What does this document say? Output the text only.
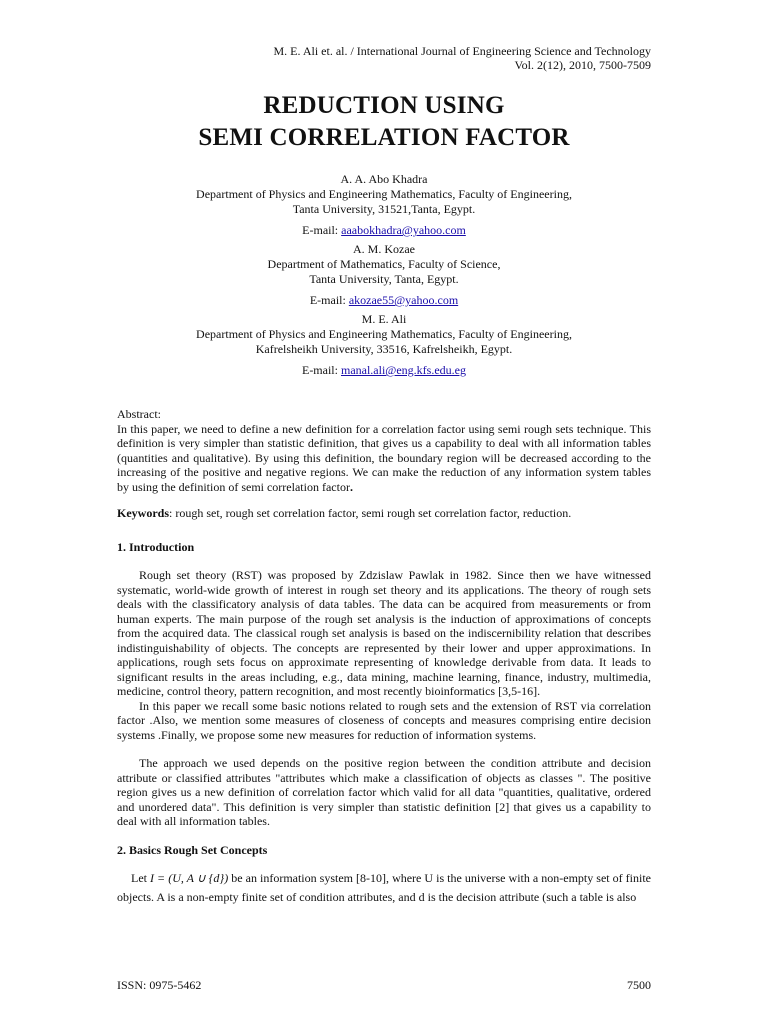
M. E. Ali et. al. / International Journal of Engineering Science and Technology
Vol. 2(12), 2010, 7500-7509
REDUCTION USING
SEMI CORRELATION FACTOR

A. A. Abo Khadra

Department of Physics and Engineering Mathematics, Faculty of Engineering,

Tanta University, 31521,Tanta, Egypt.

E-mail: aaabokhadra@yahoo.com

A. M. Kozae

Department of Mathematics, Faculty of Science,

Tanta University, Tanta, Egypt.

E-mail: akozae55@yahoo.com

M. E. Ali

Department of Physics and Engineering Mathematics, Faculty of Engineering,

Kafrelsheikh University, 33516, Kafrelsheikh, Egypt.

E-mail: manal.ali@eng.kfs.edu.eg

Abstract:

In this paper, we need to define a new definition for a correlation factor using semi rough sets technique. This definition is very simpler than statistic definition, that gives us a capability to deal with all information tables (quantities and qualitative). By using this definition, the boundary region will be decreased according to the increasing of the positive and negative regions. We can make the reduction of any information system tables by using the definition of semi correlation factor.

Keywords: rough set, rough set correlation factor, semi rough set correlation factor, reduction.

1. Introduction

Rough set theory (RST) was proposed by Zdzislaw Pawlak in 1982. Since then we have witnessed systematic, world-wide growth of interest in rough set theory and its applications. The theory of rough sets deals with the classificatory analysis of data tables. The data can be acquired from measurements or from human experts. The main purpose of the rough set analysis is the induction of approximations of concepts from the acquired data. The classical rough set analysis is based on the indiscernibility relation that describes indistinguishability of objects. The concepts are represented by their lower and upper approximations. In applications, rough sets focus on approximate representing of knowledge derivable from data. It leads to significant results in the areas including, e.g., data mining, machine learning, finance, industry, multimedia, medicine, control theory, pattern recognition, and most recently bioinformatics [3,5-16].

In this paper we recall some basic notions related to rough sets and the extension of RST via correlation factor .Also, we mention some measures of closeness of concepts and measures comprising entire decision systems .Finally, we propose some new measures for reduction of information systems.

The approach we used depends on the positive region between the condition attribute and decision attribute or classified attributes "attributes which make a classification of objects as classes ". The positive region gives us a new definition of correlation factor which valid for all data "quantities, qualitative, ordered and unordered data". This definition is very simpler than statistic definition [2] that gives us a capability to deal with all information tables.

2. Basics Rough Set Concepts

Let I = (U, A ∪ {d}) be an information system [8-10], where U is the universe with a non-empty set of finite objects. A is a non-empty finite set of condition attributes, and d is the decision attribute (such a table is also

ISSN: 0975-5462	7500
